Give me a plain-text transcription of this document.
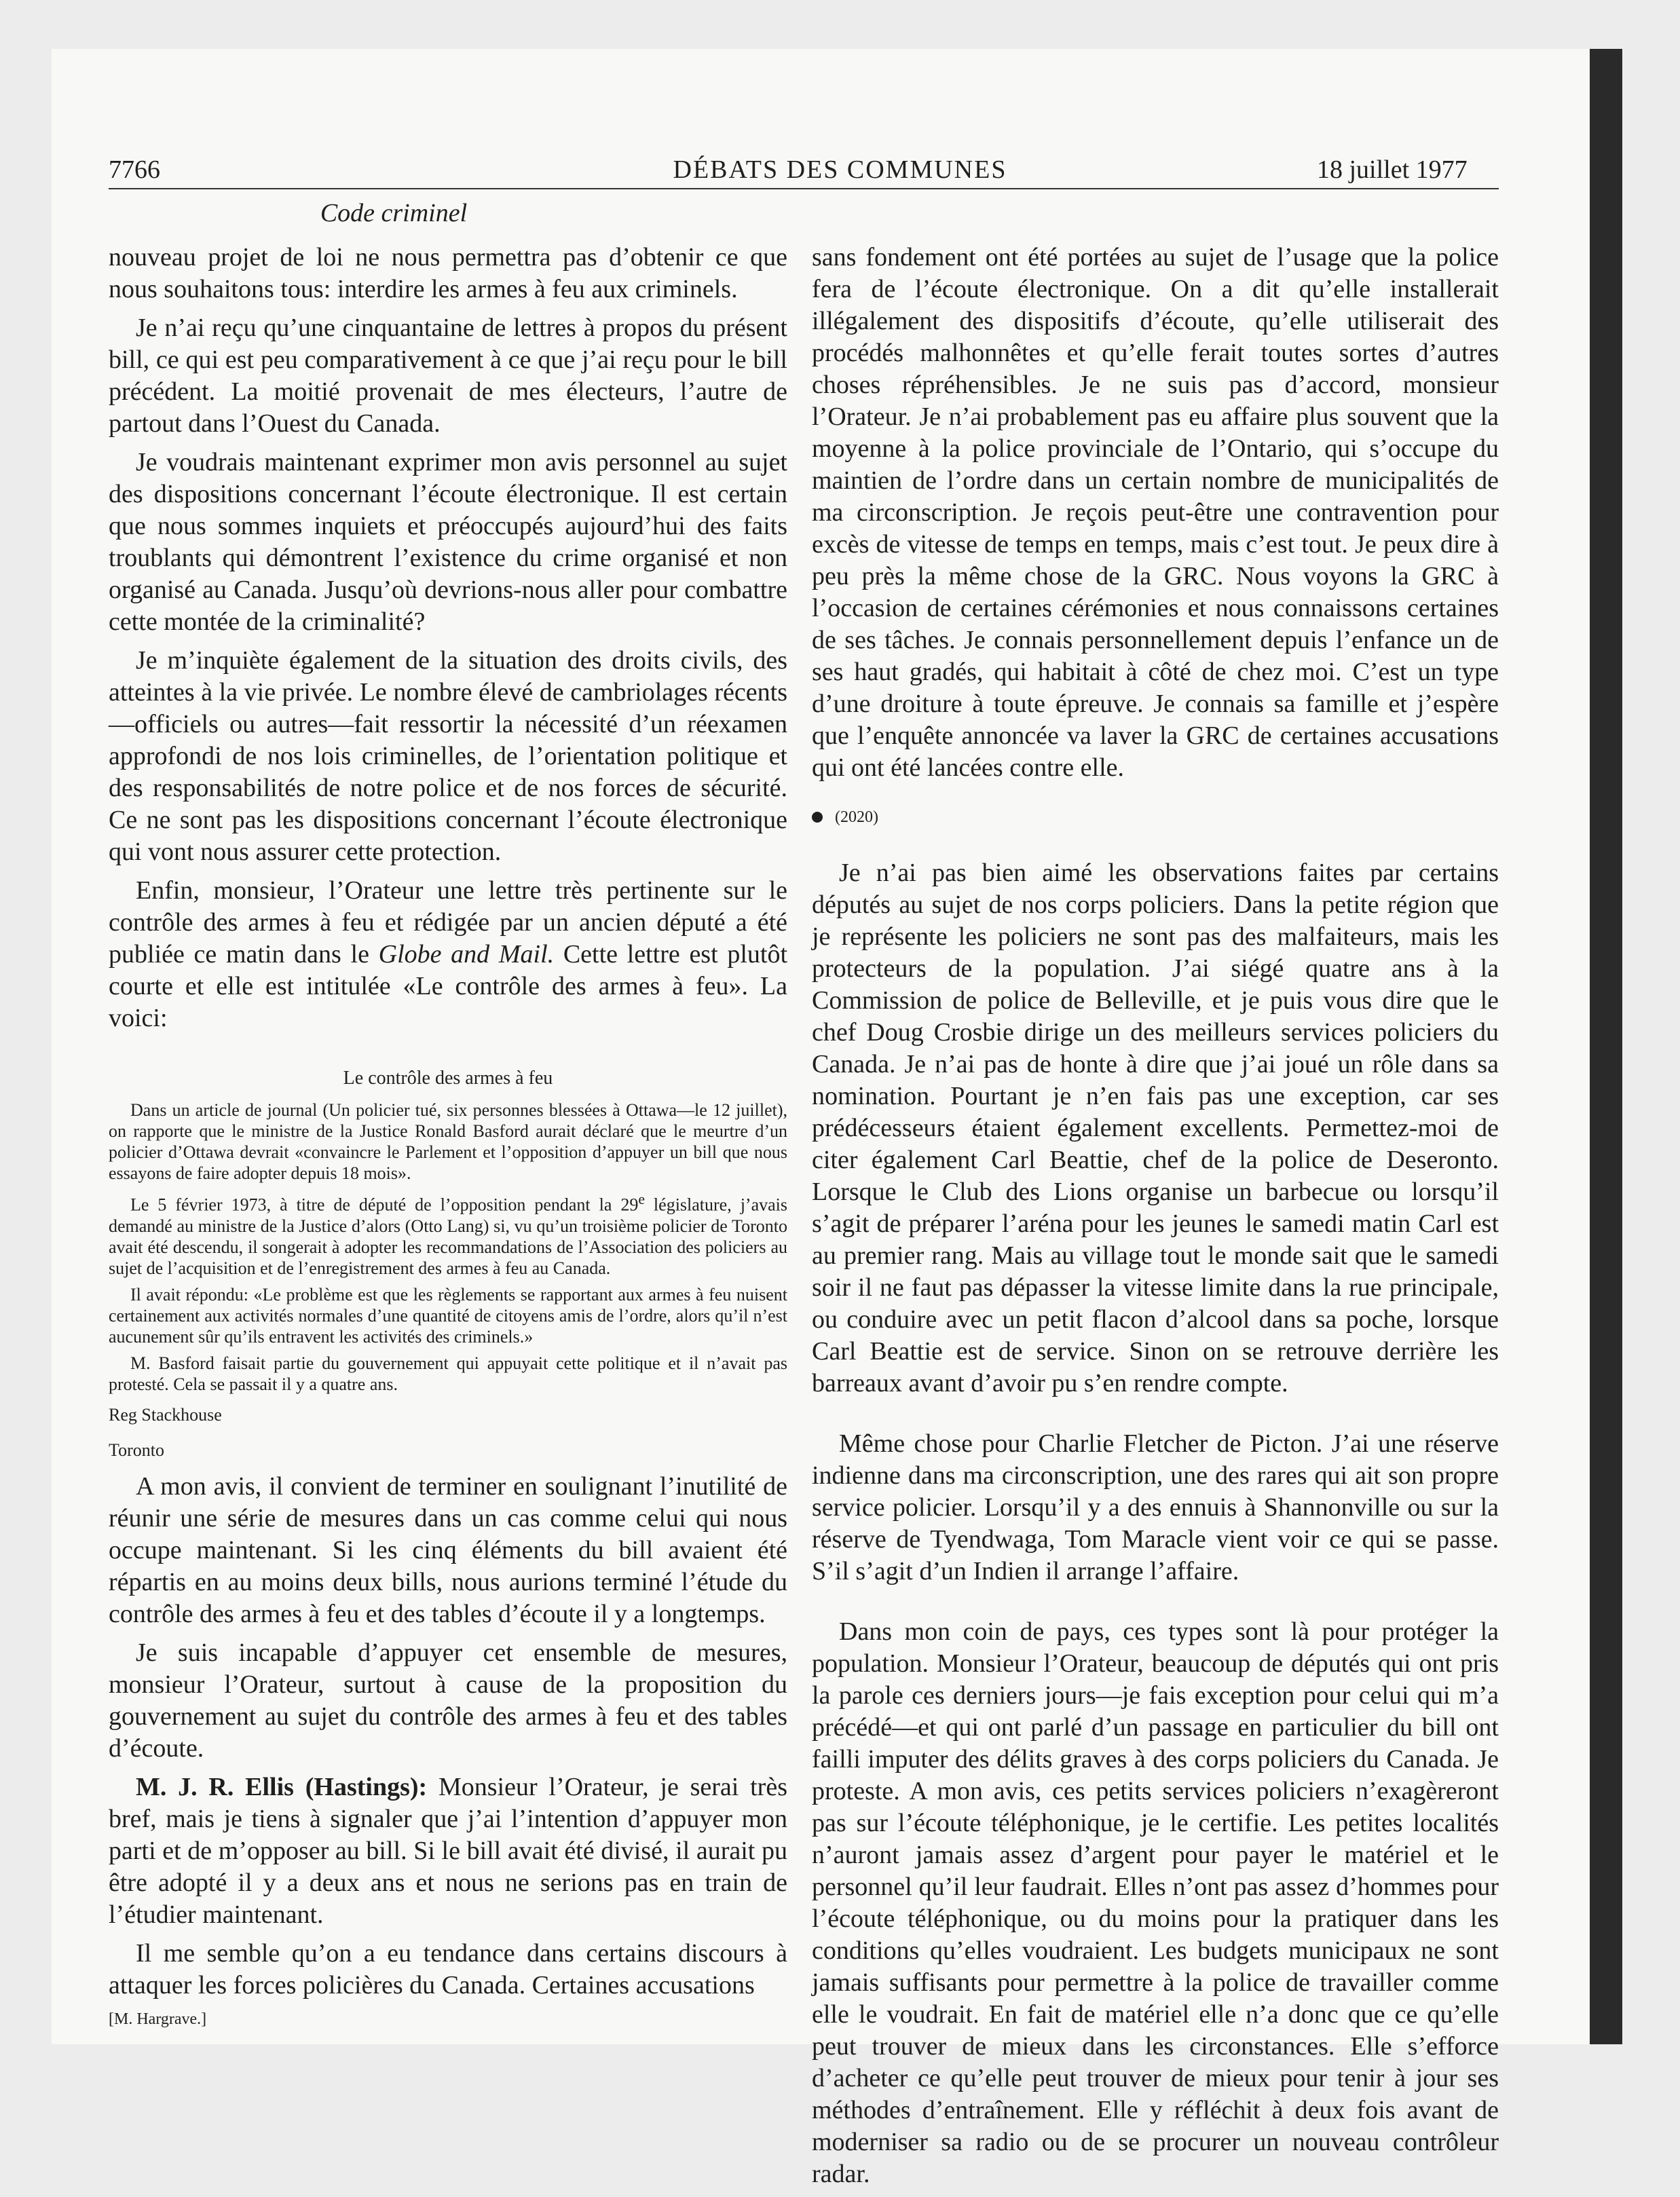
7766	DÉBATS DES COMMUNES	18 juillet 1977
Code criminel

nouveau projet de loi ne nous permettra pas d’obtenir ce que nous souhaitons tous: interdire les armes à feu aux criminels.

Je n’ai reçu qu’une cinquantaine de lettres à propos du présent bill, ce qui est peu comparativement à ce que j’ai reçu pour le bill précédent. La moitié provenait de mes électeurs, l’autre de partout dans l’Ouest du Canada.

Je voudrais maintenant exprimer mon avis personnel au sujet des dispositions concernant l’écoute électronique. Il est certain que nous sommes inquiets et préoccupés aujourd’hui des faits troublants qui démontrent l’existence du crime organisé et non organisé au Canada. Jusqu’où devrions-nous aller pour combattre cette montée de la criminalité?

Je m’inquiète également de la situation des droits civils, des atteintes à la vie privée. Le nombre élevé de cambriolages récents—officiels ou autres—fait ressortir la nécessité d’un réexamen approfondi de nos lois criminelles, de l’orientation politique et des responsabilités de notre police et de nos forces de sécurité. Ce ne sont pas les dispositions concernant l’écoute électronique qui vont nous assurer cette protection.

Enfin, monsieur, l’Orateur une lettre très pertinente sur le contrôle des armes à feu et rédigée par un ancien député a été publiée ce matin dans le Globe and Mail. Cette lettre est plutôt courte et elle est intitulée «Le contrôle des armes à feu». La voici:

Le contrôle des armes à feu

Dans un article de journal (Un policier tué, six personnes blessées à Ottawa—le 12 juillet), on rapporte que le ministre de la Justice Ronald Basford aurait déclaré que le meurtre d’un policier d’Ottawa devrait «convaincre le Parlement et l’opposition d’appuyer un bill que nous essayons de faire adopter depuis 18 mois».

Le 5 février 1973, à titre de député de l’opposition pendant la 29e législature, j’avais demandé au ministre de la Justice d’alors (Otto Lang) si, vu qu’un troisième policier de Toronto avait été descendu, il songerait à adopter les recommandations de l’Association des policiers au sujet de l’acquisition et de l’enregistrement des armes à feu au Canada.

Il avait répondu: «Le problème est que les règlements se rapportant aux armes à feu nuisent certainement aux activités normales d’une quantité de citoyens amis de l’ordre, alors qu’il n’est aucunement sûr qu’ils entravent les activités des criminels.»

M. Basford faisait partie du gouvernement qui appuyait cette politique et il n’avait pas protesté. Cela se passait il y a quatre ans.

Reg Stackhouse

Toronto

A mon avis, il convient de terminer en soulignant l’inutilité de réunir une série de mesures dans un cas comme celui qui nous occupe maintenant. Si les cinq éléments du bill avaient été répartis en au moins deux bills, nous aurions terminé l’étude du contrôle des armes à feu et des tables d’écoute il y a longtemps.

Je suis incapable d’appuyer cet ensemble de mesures, monsieur l’Orateur, surtout à cause de la proposition du gouvernement au sujet du contrôle des armes à feu et des tables d’écoute.

M. J. R. Ellis (Hastings): Monsieur l’Orateur, je serai très bref, mais je tiens à signaler que j’ai l’intention d’appuyer mon parti et de m’opposer au bill. Si le bill avait été divisé, il aurait pu être adopté il y a deux ans et nous ne serions pas en train de l’étudier maintenant.

Il me semble qu’on a eu tendance dans certains discours à attaquer les forces policières du Canada. Certaines accusations

[M. Hargrave.]

sans fondement ont été portées au sujet de l’usage que la police fera de l’écoute électronique. On a dit qu’elle installerait illégalement des dispositifs d’écoute, qu’elle utiliserait des procédés malhonnêtes et qu’elle ferait toutes sortes d’autres choses répréhensibles. Je ne suis pas d’accord, monsieur l’Orateur. Je n’ai probablement pas eu affaire plus souvent que la moyenne à la police provinciale de l’Ontario, qui s’occupe du maintien de l’ordre dans un certain nombre de municipalités de ma circonscription. Je reçois peut-être une contravention pour excès de vitesse de temps en temps, mais c’est tout. Je peux dire à peu près la même chose de la GRC. Nous voyons la GRC à l’occasion de certaines cérémonies et nous connaissons certaines de ses tâches. Je connais personnellement depuis l’enfance un de ses haut gradés, qui habitait à côté de chez moi. C’est un type d’une droiture à toute épreuve. Je connais sa famille et j’espère que l’enquête annoncée va laver la GRC de certaines accusations qui ont été lancées contre elle.

(2020)

Je n’ai pas bien aimé les observations faites par certains députés au sujet de nos corps policiers. Dans la petite région que je représente les policiers ne sont pas des malfaiteurs, mais les protecteurs de la population. J’ai siégé quatre ans à la Commission de police de Belleville, et je puis vous dire que le chef Doug Crosbie dirige un des meilleurs services policiers du Canada. Je n’ai pas de honte à dire que j’ai joué un rôle dans sa nomination. Pourtant je n’en fais pas une exception, car ses prédécesseurs étaient également excellents. Permettez-moi de citer également Carl Beattie, chef de la police de Deseronto. Lorsque le Club des Lions organise un barbecue ou lorsqu’il s’agit de préparer l’aréna pour les jeunes le samedi matin Carl est au premier rang. Mais au village tout le monde sait que le samedi soir il ne faut pas dépasser la vitesse limite dans la rue principale, ou conduire avec un petit flacon d’alcool dans sa poche, lorsque Carl Beattie est de service. Sinon on se retrouve derrière les barreaux avant d’avoir pu s’en rendre compte.

Même chose pour Charlie Fletcher de Picton. J’ai une réserve indienne dans ma circonscription, une des rares qui ait son propre service policier. Lorsqu’il y a des ennuis à Shannonville ou sur la réserve de Tyendwaga, Tom Maracle vient voir ce qui se passe. S’il s’agit d’un Indien il arrange l’affaire.

Dans mon coin de pays, ces types sont là pour protéger la population. Monsieur l’Orateur, beaucoup de députés qui ont pris la parole ces derniers jours—je fais exception pour celui qui m’a précédé—et qui ont parlé d’un passage en particulier du bill ont failli imputer des délits graves à des corps policiers du Canada. Je proteste. A mon avis, ces petits services policiers n’exagèreront pas sur l’écoute téléphonique, je le certifie. Les petites localités n’auront jamais assez d’argent pour payer le matériel et le personnel qu’il leur faudrait. Elles n’ont pas assez d’hommes pour l’écoute téléphonique, ou du moins pour la pratiquer dans les conditions qu’elles voudraient. Les budgets municipaux ne sont jamais suffisants pour permettre à la police de travailler comme elle le voudrait. En fait de matériel elle n’a donc que ce qu’elle peut trouver de mieux dans les circonstances. Elle s’efforce d’acheter ce qu’elle peut trouver de mieux pour tenir à jour ses méthodes d’entraînement. Elle y réfléchit à deux fois avant de moderniser sa radio ou de se procurer un nouveau contrôleur radar.
